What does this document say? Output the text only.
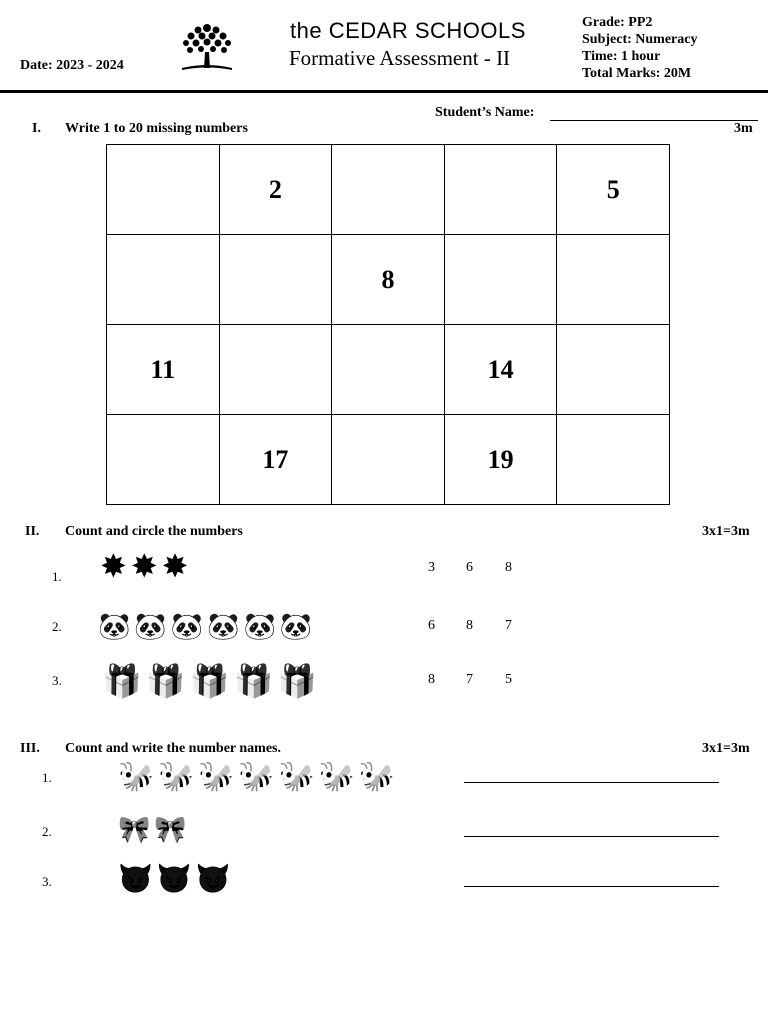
Date: 2023 - 2024
the CEDAR SCHOOLS
Formative Assessment - II
Grade: PP2
Subject: Numeracy
Time: 1 hour
Total Marks: 20M
Student’s Name:
I. Write 1 to 20 missing numbers	3m
	2			5
		8		
11			14	
	17		19	
II. Count and circle the numbers	3x1=3m
1. ✸ ✸ ✸	3 6 8
2. 🐼 🐼 🐼 🐼 🐼 🐼	6 8 7
3. 🎁 🎁 🎁 🎁 🎁	8 7 5
III. Count and write the number names.	3x1=3m
1. 🐝 🐝 🐝 🐝 🐝 🐝 🐝
2.	🎀 🎀
3. 😈 😈 😈
